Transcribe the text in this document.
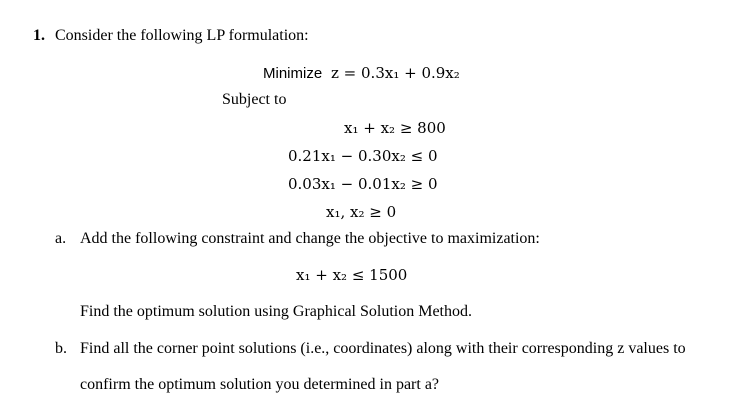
1. Consider the following LP formulation:
Minimize z = 0.3x₁ + 0.9x₂
Subject to
x₁ + x₂ ≥ 800
0.21x₁ − 0.30x₂ ≤ 0
0.03x₁ − 0.01x₂ ≥ 0
x₁, x₂ ≥ 0
a. Add the following constraint and change the objective to maximization:
x₁ + x₂ ≤ 1500
Find the optimum solution using Graphical Solution Method.
b. Find all the corner point solutions (i.e., coordinates) along with their corresponding z values to
confirm the optimum solution you determined in part a?
